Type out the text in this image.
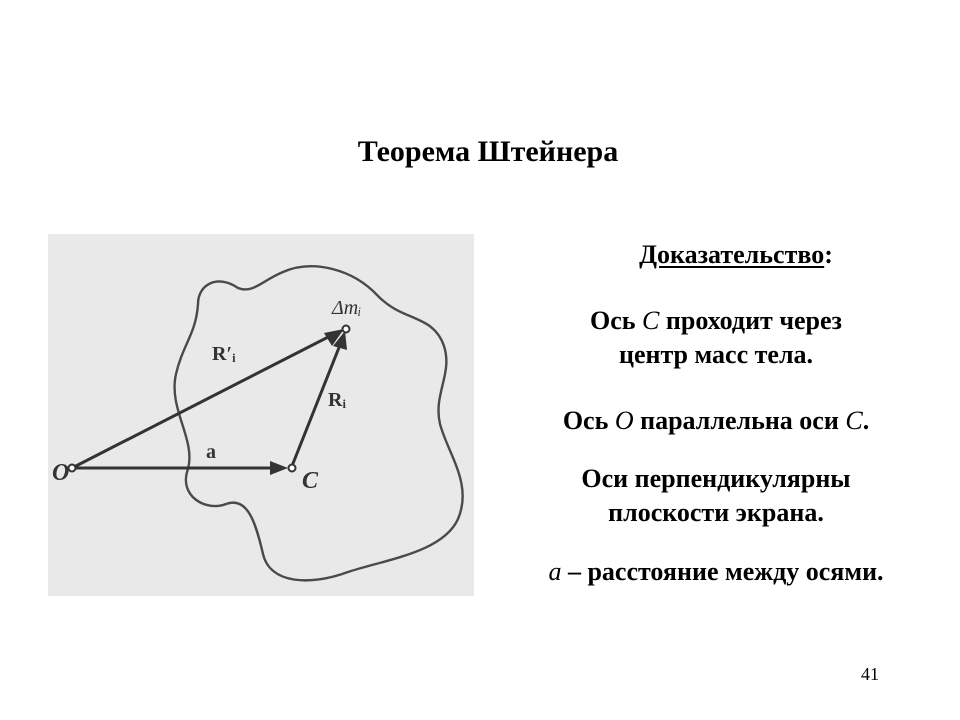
Теорема Штейнера
O	C
a
R′ᵢ
Rᵢ
Δmᵢ
Доказательство:
Ось С проходит через
центр масс тела.
Ось О параллельна оси С.
Оси перпендикулярны
плоскости экрана.
a – расстояние между осями.
41
